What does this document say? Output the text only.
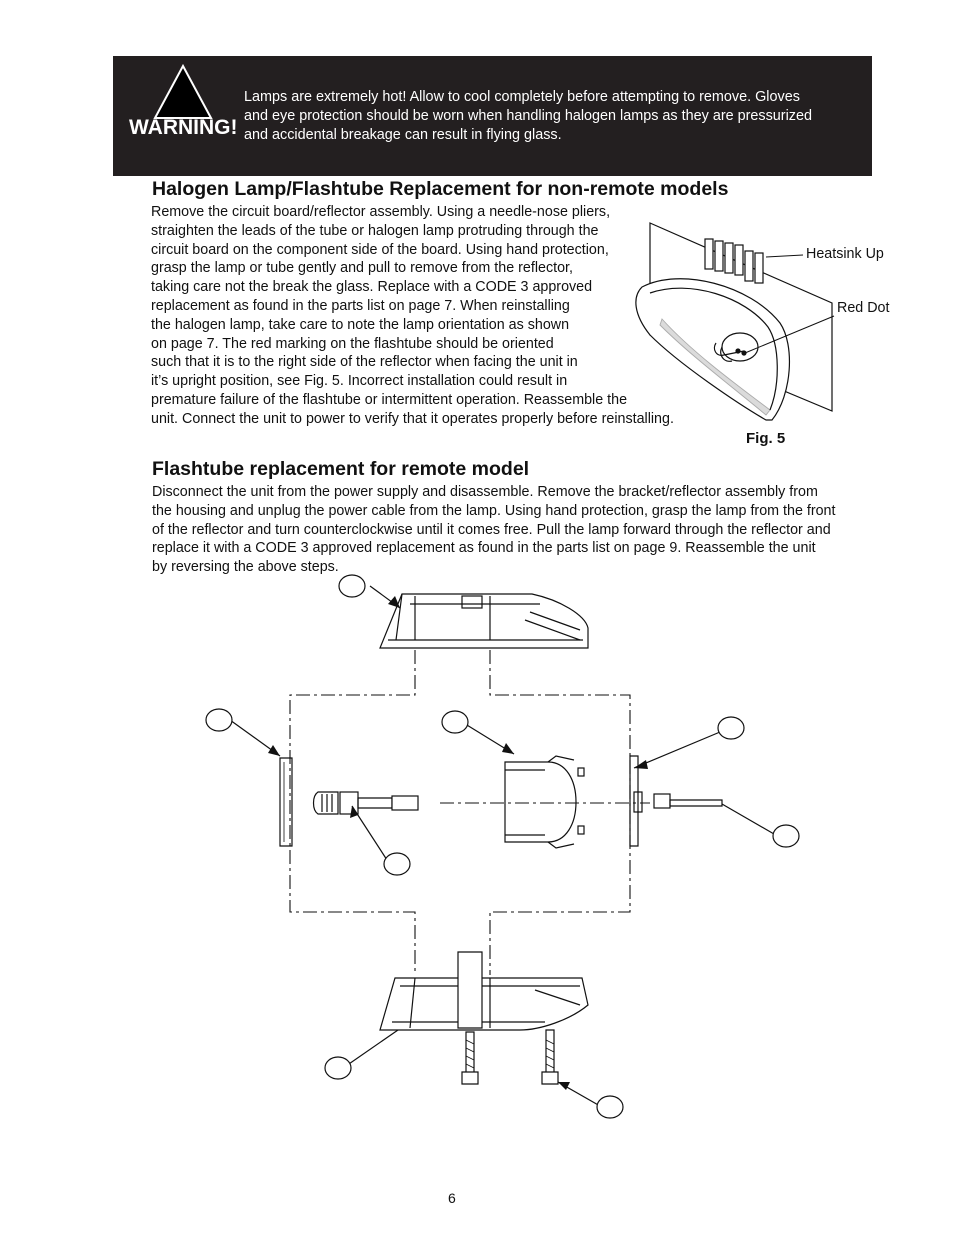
WARNING!
Lamps are extremely hot! Allow to cool completely before attempting to remove. Gloves
and eye protection should be worn when handling halogen lamps as they are pressurized
and accidental breakage can result in flying glass.
Halogen Lamp/Flashtube Replacement for non-remote models
Remove the circuit board/reflector assembly. Using a needle-nose pliers,
straighten the leads of the tube or halogen lamp protruding through the
circuit board on the component side of the board. Using hand protection,
grasp the lamp or tube gently and pull to remove from the reflector,
taking care not the break the glass. Replace with a CODE 3 approved
replacement as found in the parts list on page 7. When reinstalling
the halogen lamp, take care to note the lamp orientation as shown
on page 7. The red marking on the flashtube should be oriented
such that it is to the right side of the reflector when facing the unit in
it’s upright position, see Fig. 5. Incorrect installation could result in
premature failure of the flashtube or intermittent operation. Reassemble the
unit. Connect the unit to power to verify that it operates properly before reinstalling.
Heatsink Up
Red Dot
Fig. 5
Flashtube replacement for remote model
Disconnect the unit from the power supply and disassemble. Remove the bracket/reflector assembly from
the housing and unplug the power cable from the lamp. Using hand protection, grasp the lamp from the front
of the reflector and turn counterclockwise until it comes free. Pull the lamp forward through the reflector and
replace it with a CODE 3 approved replacement as found in the parts list on page 9. Reassemble the unit
by reversing the above steps.
6
